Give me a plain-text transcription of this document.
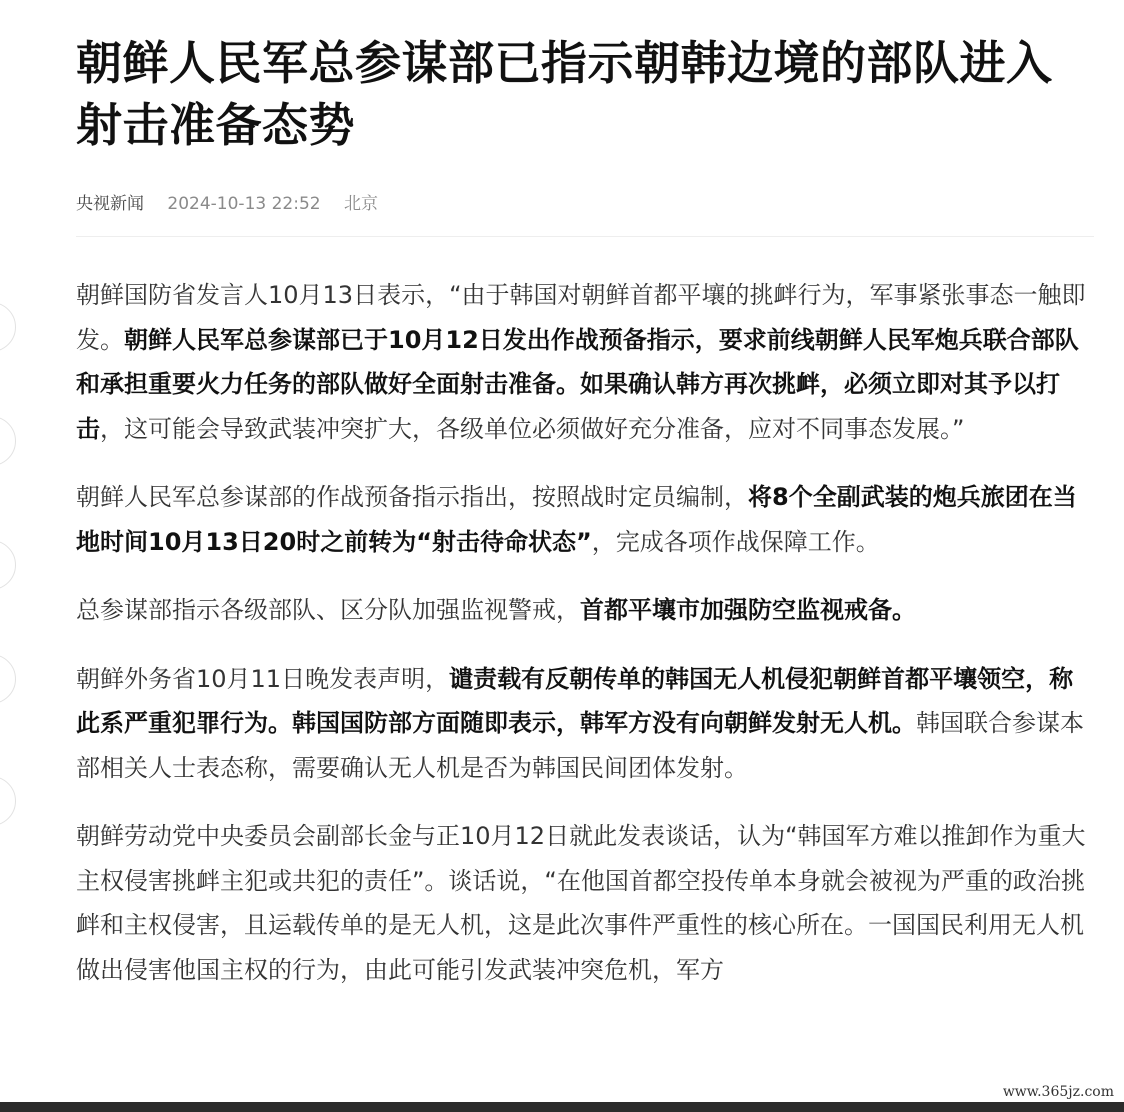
朝鲜人民军总参谋部已指示朝韩边境的部队进入射击准备态势
央视新闻 2024-10-13 22:52 北京

朝鲜国防省发言人10月13日表示，“由于韩国对朝鲜首都平壤的挑衅行为，军事紧张事态一触即发。朝鲜人民军总参谋部已于10月12日发出作战预备指示，要求前线朝鲜人民军炮兵联合部队和承担重要火力任务的部队做好全面射击准备。如果确认韩方再次挑衅，必须立即对其予以打击，这可能会导致武装冲突扩大，各级单位必须做好充分准备，应对不同事态发展。”

朝鲜人民军总参谋部的作战预备指示指出，按照战时定员编制，将8个全副武装的炮兵旅团在当地时间10月13日20时之前转为“射击待命状态”，完成各项作战保障工作。

总参谋部指示各级部队、区分队加强监视警戒，首都平壤市加强防空监视戒备。

朝鲜外务省10月11日晚发表声明，谴责载有反朝传单的韩国无人机侵犯朝鲜首都平壤领空，称此系严重犯罪行为。韩国国防部方面随即表示，韩军方没有向朝鲜发射无人机。韩国联合参谋本部相关人士表态称，需要确认无人机是否为韩国民间团体发射。

朝鲜劳动党中央委员会副部长金与正10月12日就此发表谈话，认为“韩国军方难以推卸作为重大主权侵害挑衅主犯或共犯的责任”。谈话说，“在他国首都空投传单本身就会被视为严重的政治挑衅和主权侵害，且运载传单的是无人机，这是此次事件严重性的核心所在。一国国民利用无人机做出侵害他国主权的行为，由此可能引发武装冲突危机，军方

www.365jz.com
